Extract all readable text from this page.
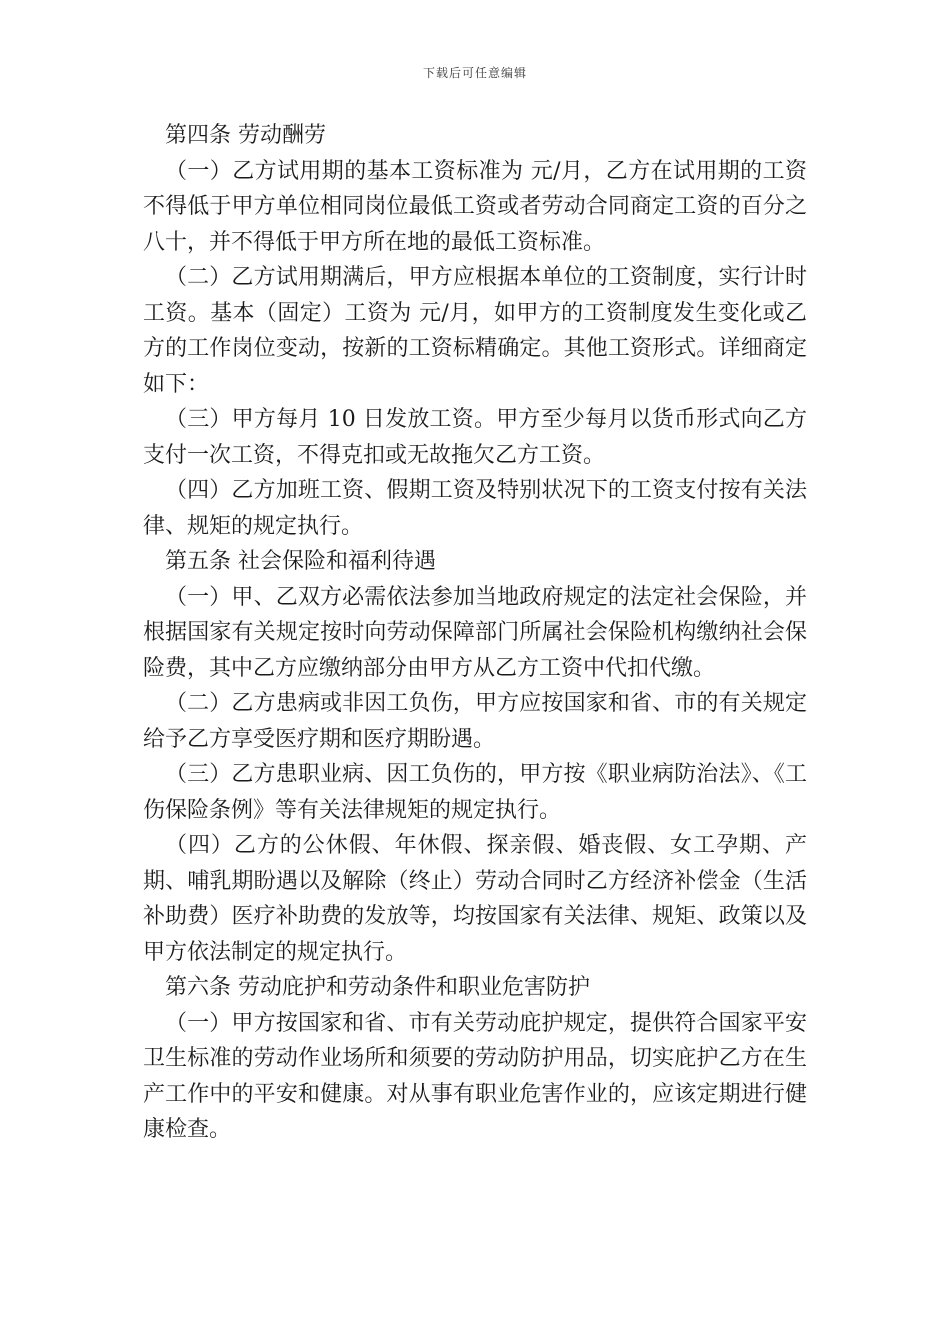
下载后可任意编辑

第四条 劳动酬劳

（一）乙方试用期的基本工资标准为 元/月，乙方在试用期的工资不得低于甲方单位相同岗位最低工资或者劳动合同商定工资的百分之八十，并不得低于甲方所在地的最低工资标准。

（二）乙方试用期满后，甲方应根据本单位的工资制度，实行计时工资。基本（固定）工资为 元/月，如甲方的工资制度发生变化或乙方的工作岗位变动，按新的工资标精确定。其他工资形式。详细商定如下：

（三）甲方每月 10 日发放工资。甲方至少每月以货币形式向乙方支付一次工资，不得克扣或无故拖欠乙方工资。

（四）乙方加班工资、假期工资及特别状况下的工资支付按有关法律、规矩的规定执行。

第五条 社会保险和福利待遇

（一）甲、乙双方必需依法参加当地政府规定的法定社会保险，并根据国家有关规定按时向劳动保障部门所属社会保险机构缴纳社会保险费，其中乙方应缴纳部分由甲方从乙方工资中代扣代缴。

（二）乙方患病或非因工负伤，甲方应按国家和省、市的有关规定给予乙方享受医疗期和医疗期盼遇。

（三）乙方患职业病、因工负伤的，甲方按《职业病防治法》、《工伤保险条例》等有关法律规矩的规定执行。

（四）乙方的公休假、年休假、探亲假、婚丧假、女工孕期、产期、哺乳期盼遇以及解除（终止）劳动合同时乙方经济补偿金（生活补助费）医疗补助费的发放等，均按国家有关法律、规矩、政策以及甲方依法制定的规定执行。

第六条 劳动庇护和劳动条件和职业危害防护

（一）甲方按国家和省、市有关劳动庇护规定，提供符合国家平安卫生标准的劳动作业场所和须要的劳动防护用品，切实庇护乙方在生产工作中的平安和健康。对从事有职业危害作业的，应该定期进行健康检查。
